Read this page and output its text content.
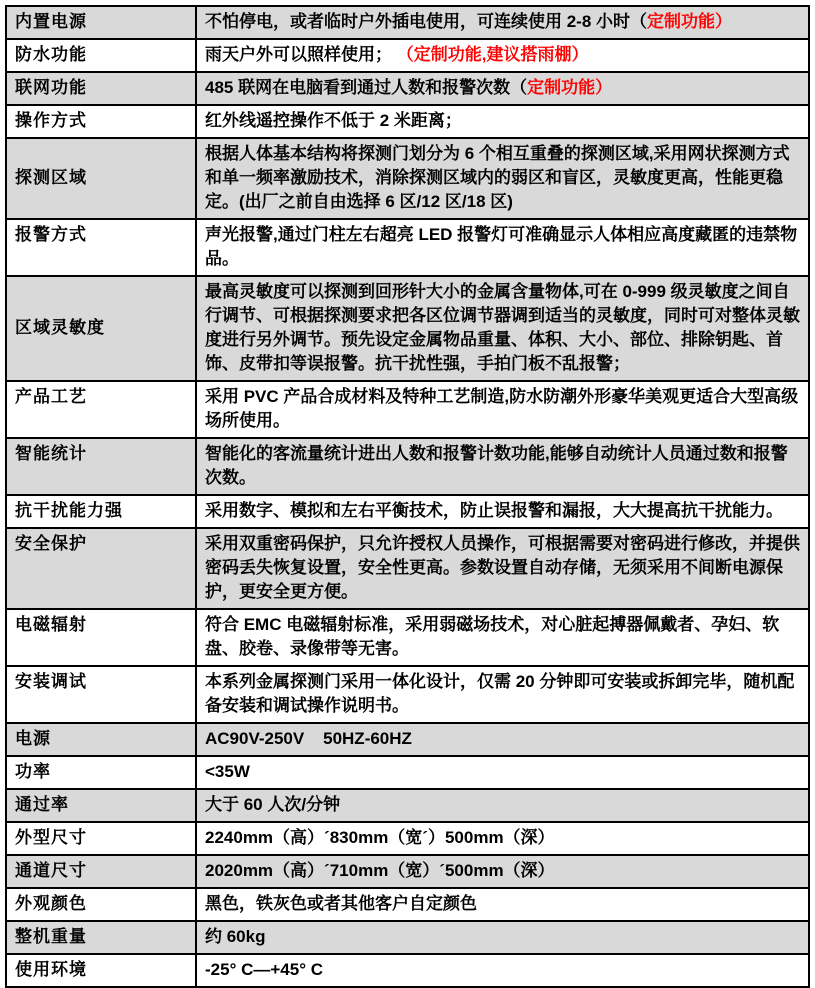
内置电源	不怕停电，或者临时户外插电使用，可连续使用 2-8 小时（定制功能）
防水功能	雨天户外可以照样使用； （定制功能,建议搭雨棚）
联网功能	485 联网在电脑看到通过人数和报警次数（定制功能）
操作方式	红外线遥控操作不低于 2 米距离；
探测区域	根据人体基本结构将探测门划分为 6 个相互重叠的探测区域,采用网状探测方式和单一频率激励技术，消除探测区域内的弱区和盲区，灵敏度更高，性能更稳定。(出厂之前自由选择 6 区/12 区/18 区)
报警方式	声光报警,通过门柱左右超亮 LED 报警灯可准确显示人体相应高度藏匿的违禁物品。
区域灵敏度	最高灵敏度可以探测到回形针大小的金属含量物体,可在 0-999 级灵敏度之间自行调节、可根据探测要求把各区位调节器调到适当的灵敏度，同时可对整体灵敏度进行另外调节。预先设定金属物品重量、体积、大小、部位、排除钥匙、首饰、皮带扣等误报警。抗干扰性强，手拍门板不乱报警；
产品工艺	采用 PVC 产品合成材料及特种工艺制造,防水防潮外形豪华美观更适合大型高级场所使用。
智能统计	智能化的客流量统计进出人数和报警计数功能,能够自动统计人员通过数和报警次数。
抗干扰能力强	采用数字、模拟和左右平衡技术，防止误报警和漏报，大大提高抗干扰能力。
安全保护	采用双重密码保护，只允许授权人员操作，可根据需要对密码进行修改，并提供密码丢失恢复设置，安全性更高。参数设置自动存储，无须采用不间断电源保护，更安全更方便。
电磁辐射	符合 EMC 电磁辐射标准，采用弱磁场技术，对心脏起搏器佩戴者、孕妇、软盘、胶卷、录像带等无害。
安装调试	本系列金属探测门采用一体化设计，仅需 20 分钟即可安装或拆卸完毕，随机配备安装和调试操作说明书。
电源	AC90V-250V    50HZ-60HZ
功率	<35W
通过率	大于 60 人次/分钟
外型尺寸	2240mm（高）´830mm（宽´）500mm（深）
通道尺寸	2020mm（高）´710mm（宽）´500mm（深）
外观颜色	黑色，铁灰色或者其他客户自定颜色
整机重量	约 60kg
使用环境	-25° C—+45° C
